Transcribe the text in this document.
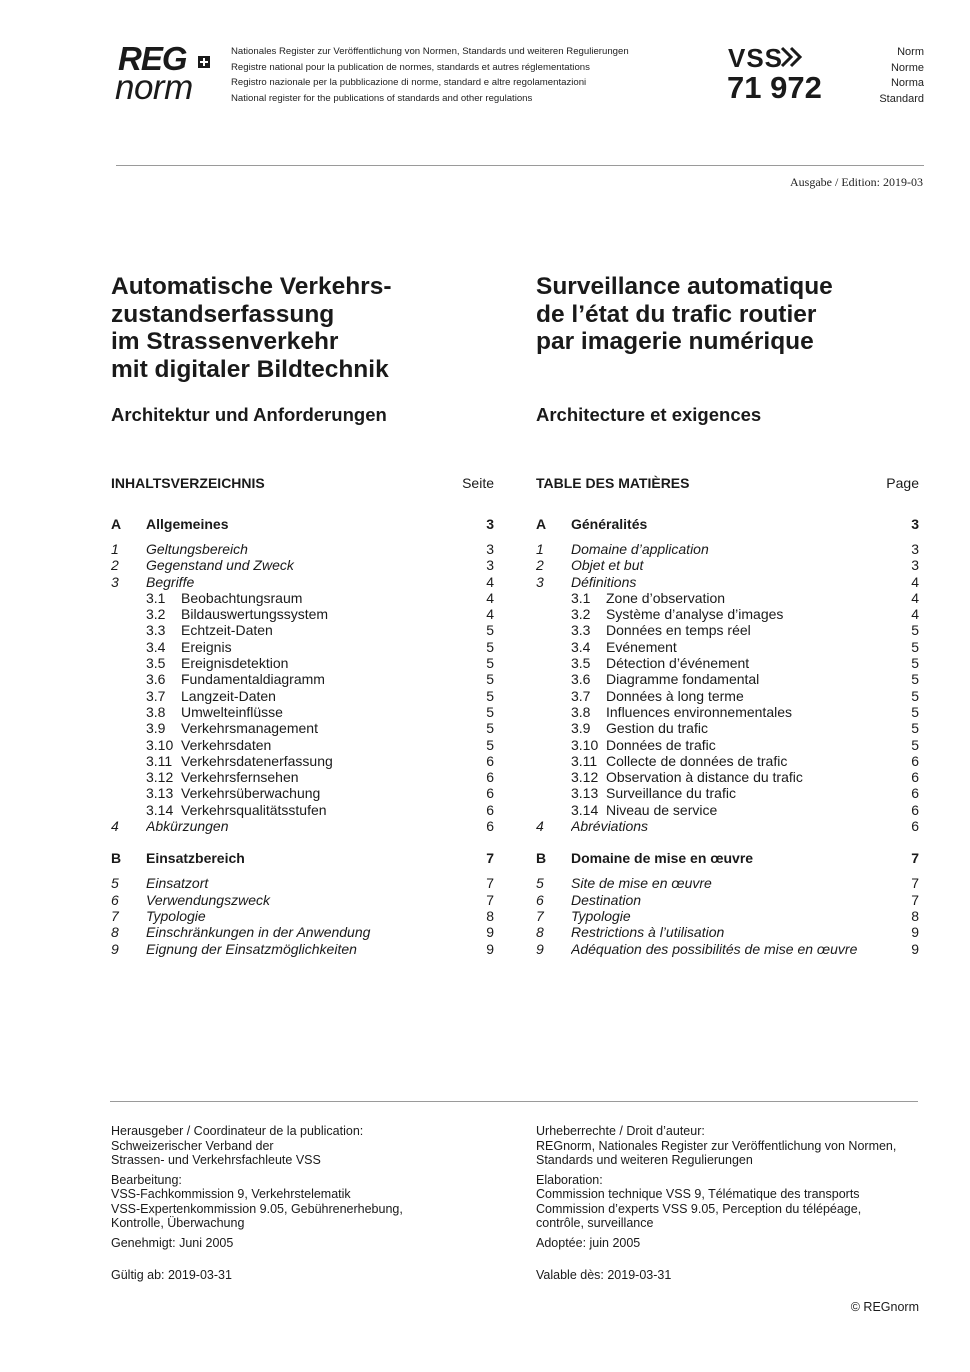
REG
norm
Nationales Register zur Veröffentlichung von Normen, Standards und weiteren Regulierungen
Registre national pour la publication de normes, standards et autres réglementations
Registro nazionale per la pubblicazione di norme, standard e altre regolamentazioni
National register for the publications of standards and other regulations
VSS
71 972
Norm
Norme
Norma
Standard
Ausgabe / Edition: 2019-03
Automatische Verkehrs-
zustandserfassung
im Strassenverkehr
mit digitaler Bildtechnik
Surveillance automatique
de l’état du trafic routier
par imagerie numérique
Architektur und Anforderungen	Architecture et exigences
INHALTSVERZEICHNIS	Seite
A	Allgemeines	3
1	Geltungsbereich	3
2	Gegenstand und Zweck	3
3	Begriffe	4
3.1	Beobachtungsraum	4
3.2	Bildauswertungssystem	4
3.3	Echtzeit-Daten	5
3.4	Ereignis	5
3.5	Ereignisdetektion	5
3.6	Fundamentaldiagramm	5
3.7	Langzeit-Daten	5
3.8	Umwelteinflüsse	5
3.9	Verkehrsmanagement	5
3.10 Verkehrsdaten	5
3.11 Verkehrsdatenerfassung	6
3.12 Verkehrsfernsehen	6
3.13 Verkehrsüberwachung	6
3.14 Verkehrsqualitätsstufen	6
4	Abkürzungen	6
B	Einsatzbereich	7
5	Einsatzort	7
6	Verwendungszweck	7
7	Typologie	8
8	Einschränkungen in der Anwendung	9
9	Eignung der Einsatzmöglichkeiten	9
TABLE DES MATIÈRES	Page
A	Généralités	3
1	Domaine d’application	3
2	Objet et but	3
3	Définitions	4
3.1	Zone d’observation	4
3.2	Système d’analyse d’images	4
3.3	Données en temps réel	5
3.4	Evénement	5
3.5	Détection d’événement	5
3.6	Diagramme fondamental	5
3.7	Données à long terme	5
3.8	Influences environnementales	5
3.9	Gestion du trafic	5
3.10 Données de trafic	5
3.11 Collecte de données de trafic	6
3.12 Observation à distance du trafic	6
3.13 Surveillance du trafic	6
3.14 Niveau de service	6
4	Abréviations	6
B	Domaine de mise en œuvre	7
5	Site de mise en œuvre	7
6	Destination	7
7	Typologie	8
8	Restrictions à l’utilisation	9
9	Adéquation des possibilités de mise en œuvre	9

Herausgeber / Coordinateur de la publication:

Schweizerischer Verband der

Strassen- und Verkehrsfachleute VSS

Bearbeitung:

VSS-Fachkommission 9, Verkehrstelematik

VSS-Expertenkommission 9.05, Gebührenerhebung,

Kontrolle, Überwachung

Genehmigt: Juni 2005

Urheberrechte / Droit d’auteur:

REGnorm, Nationales Register zur Veröffentlichung von Normen,

Standards und weiteren Regulierungen

Elaboration:

Commission technique VSS 9, Télématique des transports

Commission d’experts VSS 9.05, Perception du télépéage,

contrôle, surveillance

Adoptée: juin 2005

Gültig ab: 2019-03-31	Valable dès: 2019-03-31
© REGnorm
